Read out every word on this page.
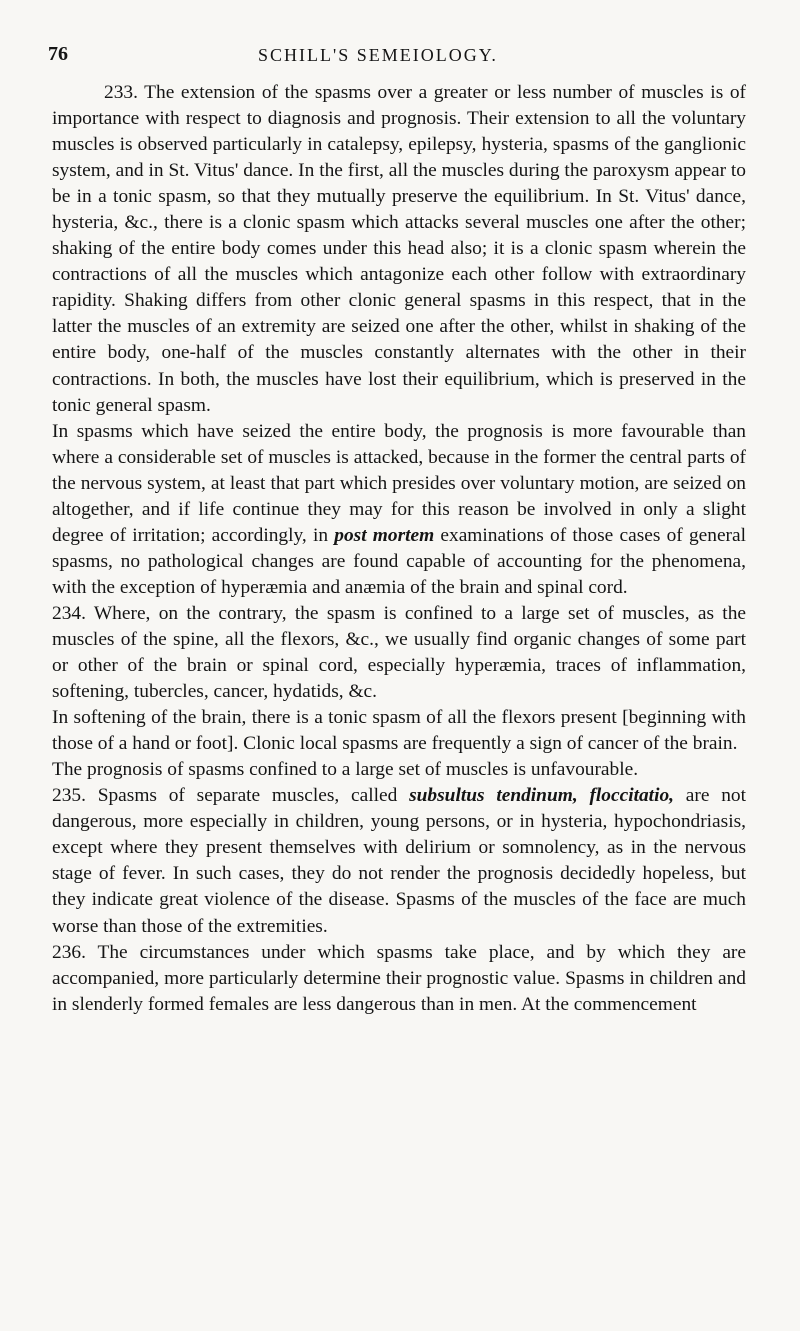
76	SCHILL'S SEMEIOLOGY.

233. The extension of the spasms over a greater or less number of muscles is of importance with respect to diagnosis and prognosis. Their extension to all the voluntary muscles is observed particularly in catalepsy, epilepsy, hysteria, spasms of the ganglionic system, and in St. Vitus' dance. In the first, all the muscles during the paroxysm appear to be in a tonic spasm, so that they mutually preserve the equilibrium. In St. Vitus' dance, hysteria, &c., there is a clonic spasm which attacks several muscles one after the other; shaking of the entire body comes under this head also; it is a clonic spasm wherein the contractions of all the muscles which antagonize each other follow with extraordinary rapidity. Shaking differs from other clonic general spasms in this respect, that in the latter the muscles of an extremity are seized one after the other, whilst in shaking of the entire body, one-half of the muscles constantly alternates with the other in their contractions. In both, the muscles have lost their equilibrium, which is preserved in the tonic general spasm.

In spasms which have seized the entire body, the prognosis is more favourable than where a considerable set of muscles is attacked, because in the former the central parts of the nervous system, at least that part which presides over voluntary motion, are seized on altogether, and if life continue they may for this reason be involved in only a slight degree of irritation; accordingly, in post mortem examinations of those cases of general spasms, no pathological changes are found capable of accounting for the phenomena, with the exception of hyperæmia and anæmia of the brain and spinal cord.

234. Where, on the contrary, the spasm is confined to a large set of muscles, as the muscles of the spine, all the flexors, &c., we usually find organic changes of some part or other of the brain or spinal cord, especially hyperæmia, traces of inflammation, softening, tubercles, cancer, hydatids, &c.

In softening of the brain, there is a tonic spasm of all the flexors present [beginning with those of a hand or foot]. Clonic local spasms are frequently a sign of cancer of the brain.

The prognosis of spasms confined to a large set of muscles is unfavourable.

235. Spasms of separate muscles, called subsultus tendinum, floccitatio, are not dangerous, more especially in children, young persons, or in hysteria, hypochondriasis, except where they present themselves with delirium or somnolency, as in the nervous stage of fever. In such cases, they do not render the prognosis decidedly hopeless, but they indicate great violence of the disease. Spasms of the muscles of the face are much worse than those of the extremities.

236. The circumstances under which spasms take place, and by which they are accompanied, more particularly determine their prognostic value. Spasms in children and in slenderly formed females are less dangerous than in men. At the commencement
